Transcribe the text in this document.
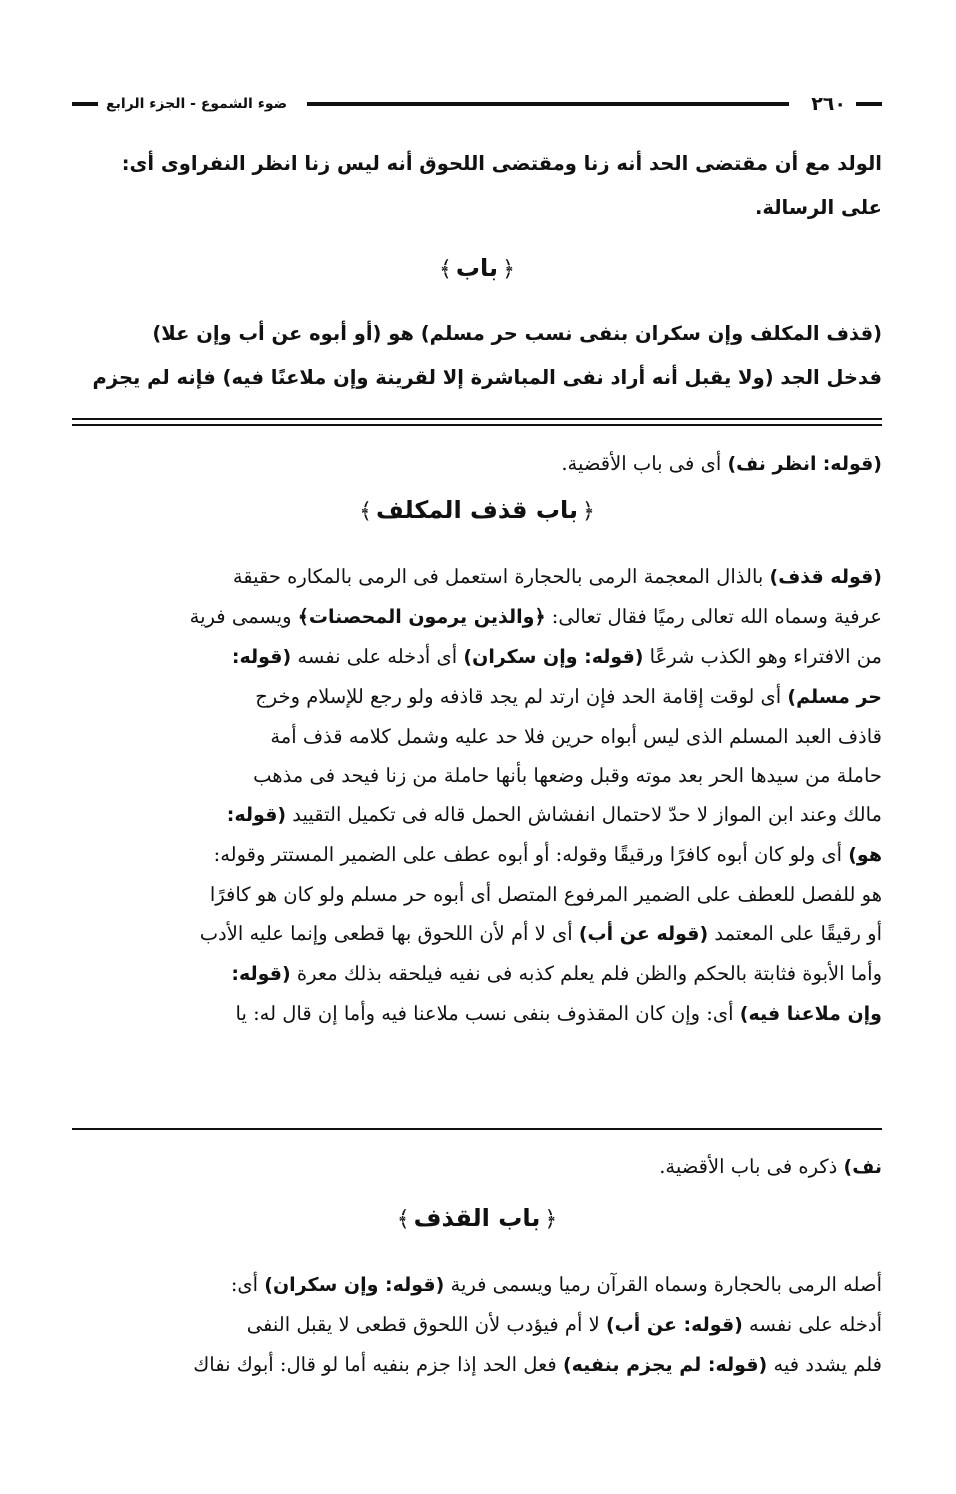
٢٦٠
ضوء الشموع - الجزء الرابع

الولد مع أن مقتضى الحد أنه زنا ومقتضى اللحوق أنه ليس زنا انظر النفراوى أى:

على الرسالة.

﴿باب﴾

(قذف المكلف وإن سكران بنفى نسب حر مسلم) هو (أو أبوه عن أب وإن علا)

فدخل الجد (ولا يقبل أنه أراد نفى المباشرة إلا لقرينة وإن ملاعنًا فيه) فإنه لم يجزم

(قوله: انظر نف) أى فى باب الأقضية.

﴿باب قذف المكلف﴾

(قوله قذف) بالذال المعجمة الرمى بالحجارة استعمل فى الرمى بالمكاره حقيقة

عرفية وسماه الله تعالى رميًا فقال تعالى: ﴿والذين يرمون المحصنات﴾ ويسمى فرية

من الافتراء وهو الكذب شرعًا (قوله: وإن سكران) أى أدخله على نفسه (قوله:

حر مسلم) أى لوقت إقامة الحد فإن ارتد لم يجد قاذفه ولو رجع للإسلام وخرج

قاذف العبد المسلم الذى ليس أبواه حرين فلا حد عليه وشمل كلامه قذف أمة

حاملة من سيدها الحر بعد موته وقبل وضعها بأنها حاملة من زنا فيحد فى مذهب

مالك وعند ابن المواز لا حدّ لاحتمال انفشاش الحمل قاله فى تكميل التقييد (قوله:

هو) أى ولو كان أبوه كافرًا ورقيقًا وقوله: أو أبوه عطف على الضمير المستتر وقوله:

هو للفصل للعطف على الضمير المرفوع المتصل أى أبوه حر مسلم ولو كان هو كافرًا

أو رقيقًا على المعتمد (قوله عن أب) أى لا أم لأن اللحوق بها قطعى وإنما عليه الأدب

وأما الأبوة فثابتة بالحكم والظن فلم يعلم كذبه فى نفيه فيلحقه بذلك معرة (قوله:

وإن ملاعنا فيه) أى: وإن كان المقذوف بنفى نسب ملاعنا فيه وأما إن قال له: يا

نف) ذكره فى باب الأقضية.

﴿باب القذف﴾

أصله الرمى بالحجارة وسماه القرآن رميا ويسمى فرية (قوله: وإن سكران) أى:

أدخله على نفسه (قوله: عن أب) لا أم فيؤدب لأن اللحوق قطعى لا يقبل النفى

فلم يشدد فيه (قوله: لم يجزم بنفيه) فعل الحد إذا جزم بنفيه أما لو قال: أبوك نفاك
